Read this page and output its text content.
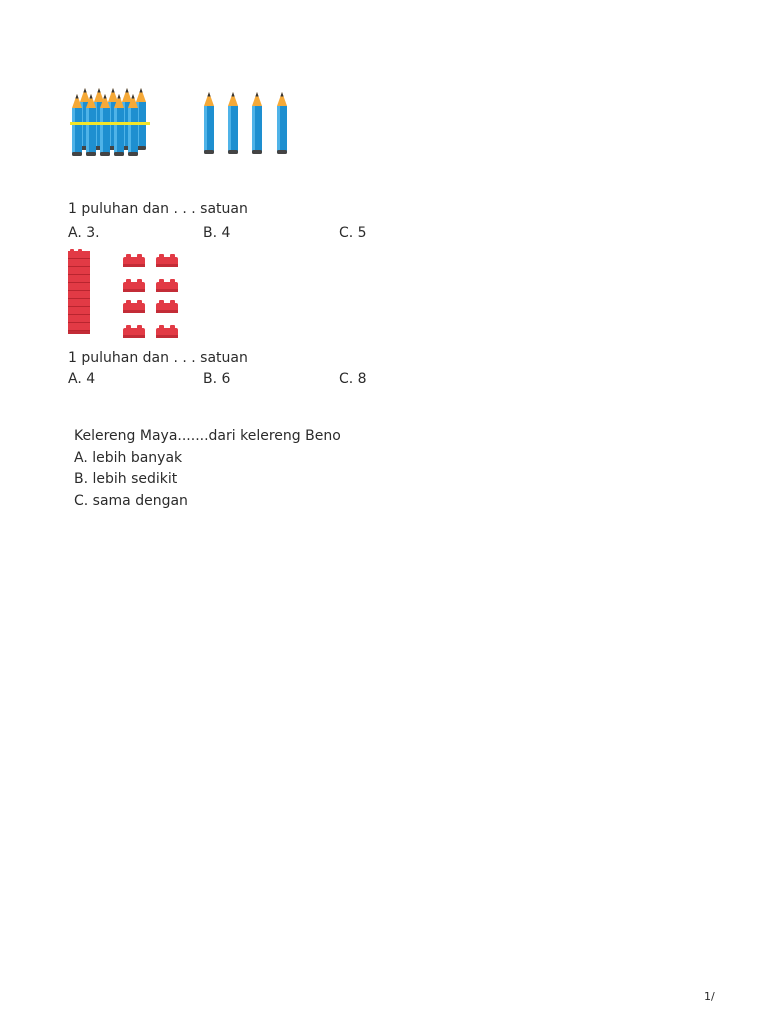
1 puluhan dan . . . satuan
A. 3.	B. 4	C. 5
1 puluhan dan . . . satuan
A. 4	B. 6	C. 8
Kelereng Maya.......dari kelereng Beno
A. lebih banyak
B. lebih sedikit
C. sama dengan
1/
